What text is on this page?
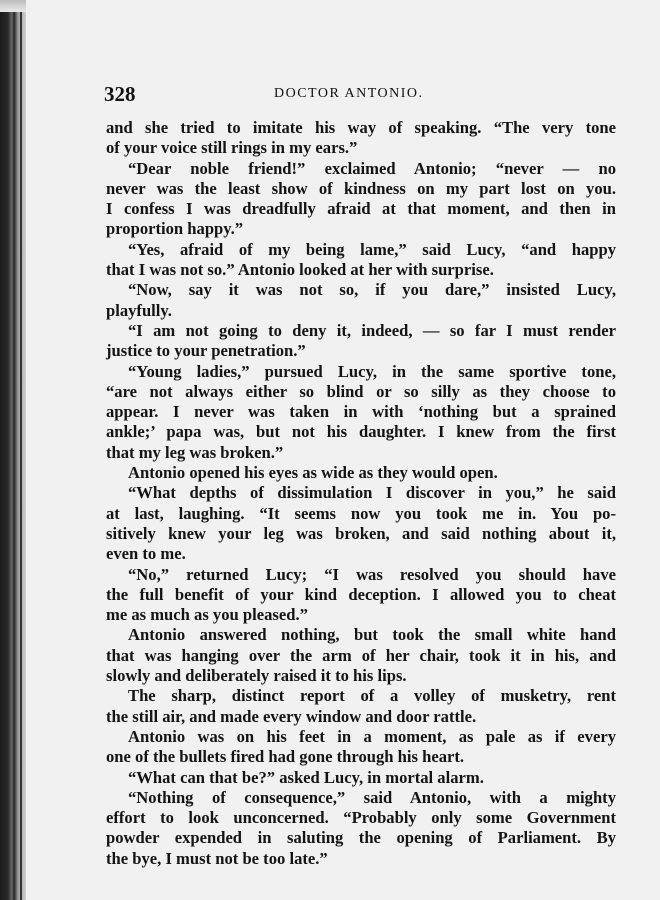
328	DOCTOR ANTONIO.
and she tried to imitate his way of speaking. “The very tone
of your voice still rings in my ears.”
“Dear noble friend!” exclaimed Antonio; “never — no
never was the least show of kindness on my part lost on you.
I confess I was dreadfully afraid at that moment, and then in
proportion happy.”
“Yes, afraid of my being lame,” said Lucy, “and happy
that I was not so.” Antonio looked at her with surprise.
“Now, say it was not so, if you dare,” insisted Lucy,
playfully.
“I am not going to deny it, indeed, — so far I must render
justice to your penetration.”
“Young ladies,” pursued Lucy, in the same sportive tone,
“are not always either so blind or so silly as they choose to
appear. I never was taken in with ‘nothing but a sprained
ankle;’ papa was, but not his daughter. I knew from the first
that my leg was broken.”
Antonio opened his eyes as wide as they would open.
“What depths of dissimulation I discover in you,” he said
at last, laughing. “It seems now you took me in. You po-
sitively knew your leg was broken, and said nothing about it,
even to me.
“No,” returned Lucy; “I was resolved you should have
the full benefit of your kind deception. I allowed you to cheat
me as much as you pleased.”
Antonio answered nothing, but took the small white hand
that was hanging over the arm of her chair, took it in his, and
slowly and deliberately raised it to his lips.
The sharp, distinct report of a volley of musketry, rent
the still air, and made every window and door rattle.
Antonio was on his feet in a moment, as pale as if every
one of the bullets fired had gone through his heart.
“What can that be?” asked Lucy, in mortal alarm.
“Nothing of consequence,” said Antonio, with a mighty
effort to look unconcerned. “Probably only some Government
powder expended in saluting the opening of Parliament. By
the bye, I must not be too late.”
